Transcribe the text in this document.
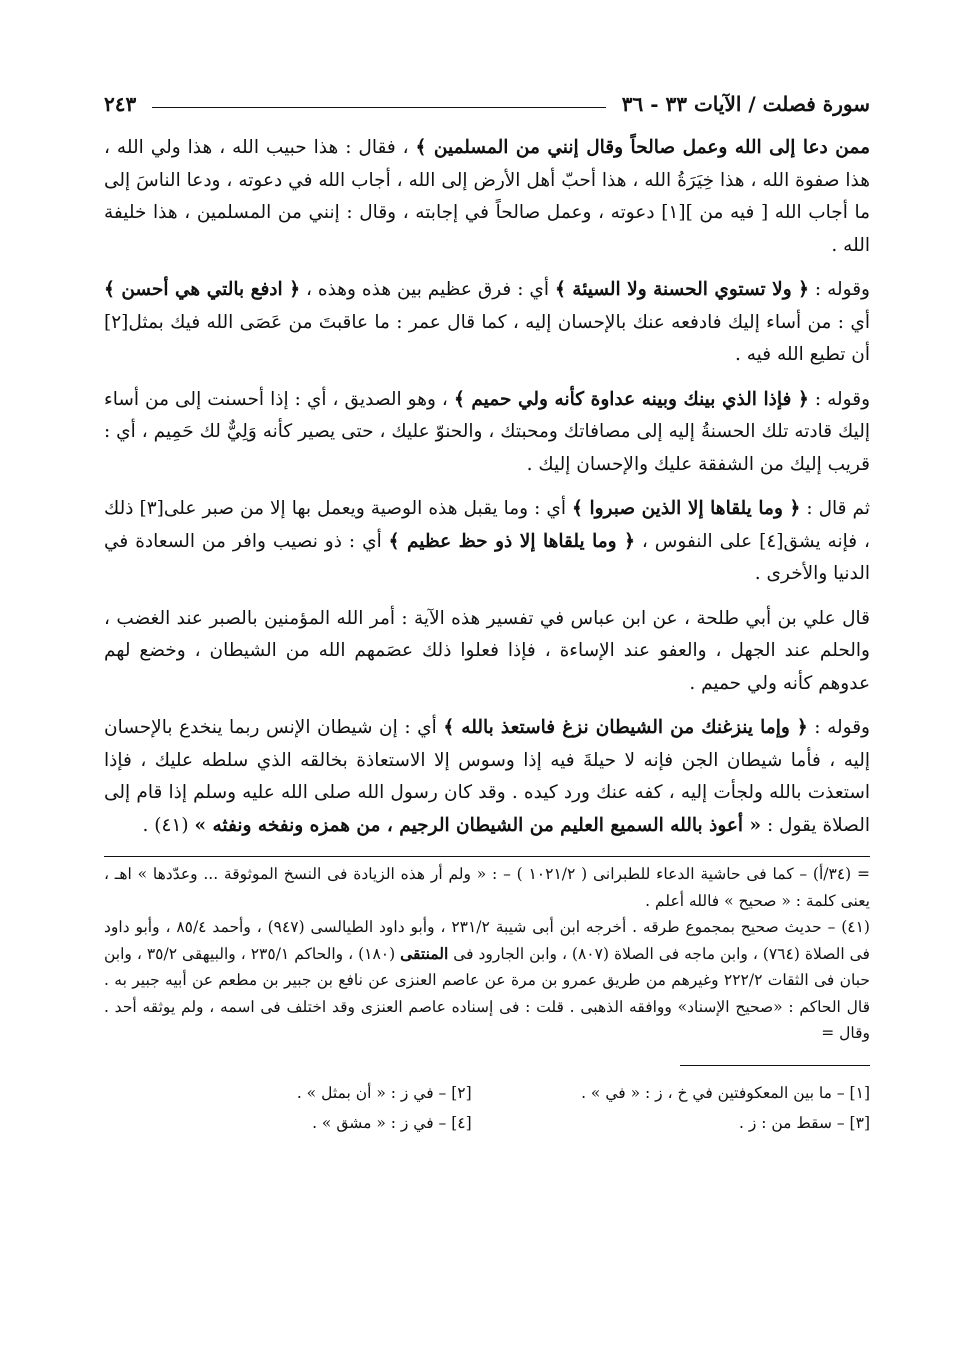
سورة فصلت / الآيات ٣٣ - ٣٦
٢٤٣

ممن دعا إلى الله وعمل صالحاً وقال إنني من المسلمين ﴾ ، فقال : هذا حبيب الله ، هذا ولي الله ، هذا صفوة الله ، هذا خِيَرَةُ الله ، هذا أحبّ أهل الأرض إلى الله ، أجاب الله في دعوته ، ودعا الناسَ إلى ما أجاب الله [ فيه من ][١] دعوته ، وعمل صالحاً في إجابته ، وقال : إنني من المسلمين ، هذا خليفة الله .

وقوله : ﴿ ولا تستوي الحسنة ولا السيئة ﴾ أي : فرق عظيم بين هذه وهذه ، ﴿ ادفع بالتي هي أحسن ﴾ أي : من أساء إليك فادفعه عنك بالإحسان إليه ، كما قال عمر : ما عاقبتَ من عَصَى الله فيك بمثل[٢] أن تطيع الله فيه .

وقوله : ﴿ فإذا الذي بينك وبينه عداوة كأنه ولي حميم ﴾ ، وهو الصديق ، أي : إذا أحسنت إلى من أساء إليك قادته تلك الحسنةُ إليه إلى مصافاتك ومحبتك ، والحنوّ عليك ، حتى يصير كأنه وَلِيٌّ لك حَمِيم ، أي : قريب إليك من الشفقة عليك والإحسان إليك .

ثم قال : ﴿ وما يلقاها إلا الذين صبروا ﴾ أي : وما يقبل هذه الوصية ويعمل بها إلا من صبر على[٣] ذلك ، فإنه يشق[٤] على النفوس ، ﴿ وما يلقاها إلا ذو حظ عظيم ﴾ أي : ذو نصيب وافر من السعادة في الدنيا والأخرى .

قال علي بن أبي طلحة ، عن ابن عباس في تفسير هذه الآية : أمر الله المؤمنين بالصبر عند الغضب ، والحلم عند الجهل ، والعفو عند الإساءة ، فإذا فعلوا ذلك عصَمهم الله من الشيطان ، وخضع لهم عدوهم كأنه ولي حميم .

وقوله : ﴿ وإما ينزغنك من الشيطان نزغ فاستعذ بالله ﴾ أي : إن شيطان الإنس ربما ينخدع بالإحسان إليه ، فأما شيطان الجن فإنه لا حيلةَ فيه إذا وسوس إلا الاستعاذة بخالقه الذي سلطه عليك ، فإذا استعذت بالله ولجأت إليه ، كفه عنك ورد كيده . وقد كان رسول الله صلى الله عليه وسلم إذا قام إلى الصلاة يقول : « أعوذ بالله السميع العليم من الشيطان الرجيم ، من همزه ونفخه ونفثه » (٤١) .

= (٣٤/أ) – كما فى حاشية الدعاء للطبرانى ( ١٠٢١/٢ ) – : « ولم أر هذه الزيادة فى النسخ الموثوقة ... وعدّدها » اهـ ، يعنى كلمة : « صحيح » فالله أعلم .

(٤١) – حديث صحيح بمجموع طرقه . أخرجه ابن أبى شيبة ٢٣١/٢ ، وأبو داود الطيالسى (٩٤٧) ، وأحمد ٨٥/٤ ، وأبو داود فى الصلاة (٧٦٤) ، وابن ماجه فى الصلاة (٨٠٧) ، وابن الجارود فى المنتقى (١٨٠) ، والحاكم ٢٣٥/١ ، والبيهقى ٣٥/٢ ، وابن حبان فى الثقات ٢٢٢/٢ وغيرهم من طريق عمرو بن مرة عن عاصم العنزى عن نافع بن جبير بن مطعم عن أبيه جبير به . قال الحاكم : «صحيح الإسناد» ووافقه الذهبى . قلت : فى إسناده عاصم العنزى وقد اختلف فى اسمه ، ولم يوثقه أحد . وقال =

[١] – ما بين المعكوفتين في خ ، ز : « في » .
[٢] – في ز : « أن بمثل » .
[٣] – سقط من : ز .
[٤] – في ز : « مشق » .
